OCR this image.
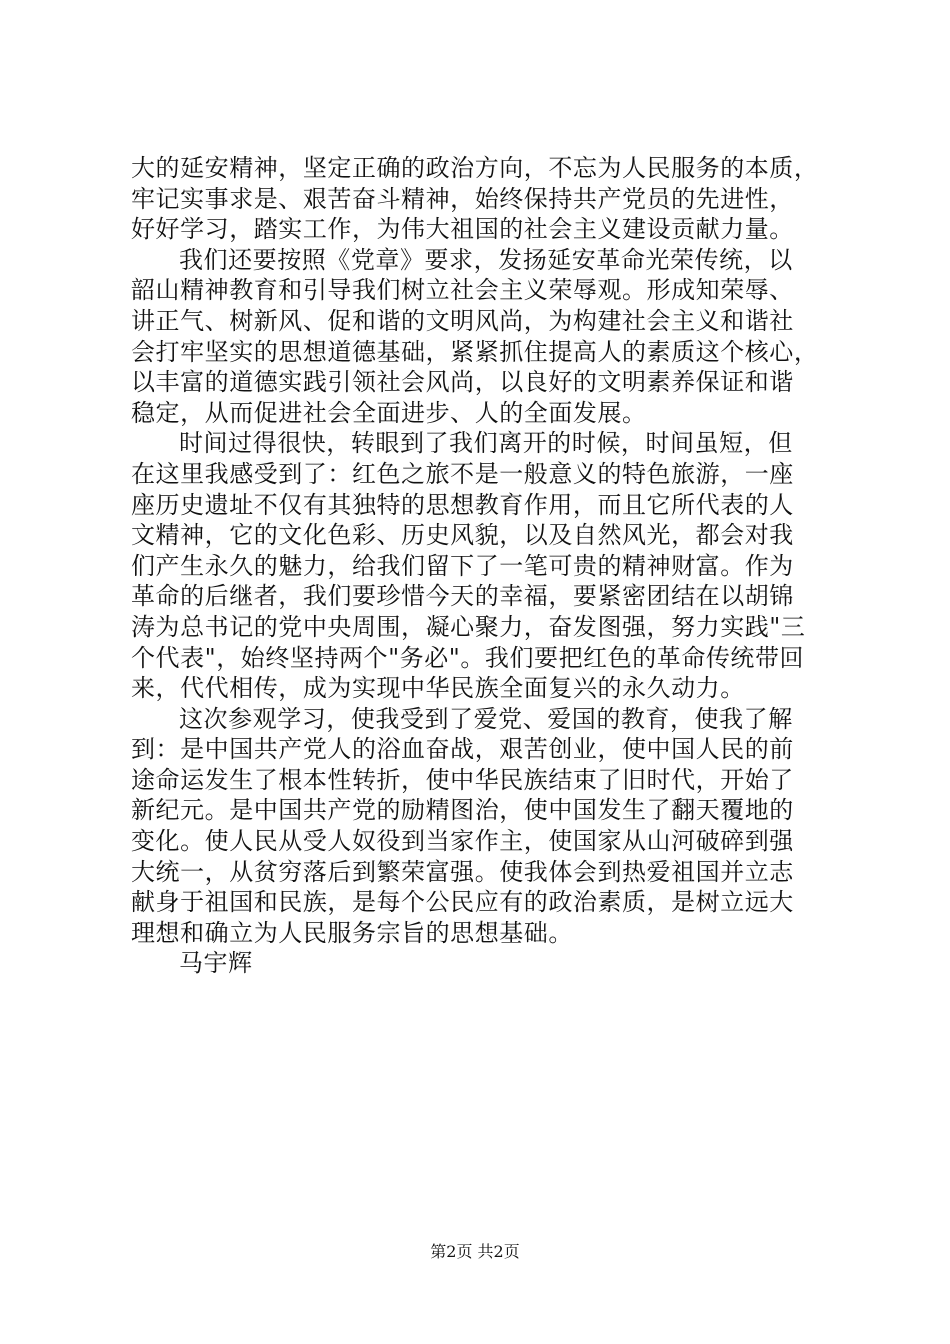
大的延安精神，坚定正确的政治方向，不忘为人民服务的本质，
牢记实事求是、艰苦奋斗精神，始终保持共产党员的先进性，
好好学习，踏实工作，为伟大祖国的社会主义建设贡献力量。
我们还要按照《党章》要求，发扬延安革命光荣传统，以
韶山精神教育和引导我们树立社会主义荣辱观。形成知荣辱、
讲正气、树新风、促和谐的文明风尚，为构建社会主义和谐社
会打牢坚实的思想道德基础，紧紧抓住提高人的素质这个核心，
以丰富的道德实践引领社会风尚，以良好的文明素养保证和谐
稳定，从而促进社会全面进步、人的全面发展。
时间过得很快，转眼到了我们离开的时候，时间虽短，但
在这里我感受到了：红色之旅不是一般意义的特色旅游，一座
座历史遗址不仅有其独特的思想教育作用，而且它所代表的人
文精神，它的文化色彩、历史风貌，以及自然风光，都会对我
们产生永久的魅力，给我们留下了一笔可贵的精神财富。作为
革命的后继者，我们要珍惜今天的幸福，要紧密团结在以胡锦
涛为总书记的党中央周围，凝心聚力，奋发图强，努力实践"三
个代表"，始终坚持两个"务必"。我们要把红色的革命传统带回
来，代代相传，成为实现中华民族全面复兴的永久动力。
这次参观学习，使我受到了爱党、爱国的教育，使我了解
到：是中国共产党人的浴血奋战，艰苦创业，使中国人民的前
途命运发生了根本性转折，使中华民族结束了旧时代，开始了
新纪元。是中国共产党的励精图治，使中国发生了翻天覆地的
变化。使人民从受人奴役到当家作主，使国家从山河破碎到强
大统一，从贫穷落后到繁荣富强。使我体会到热爱祖国并立志
献身于祖国和民族，是每个公民应有的政治素质，是树立远大
理想和确立为人民服务宗旨的思想基础。
马宇辉
第2页 共2页
